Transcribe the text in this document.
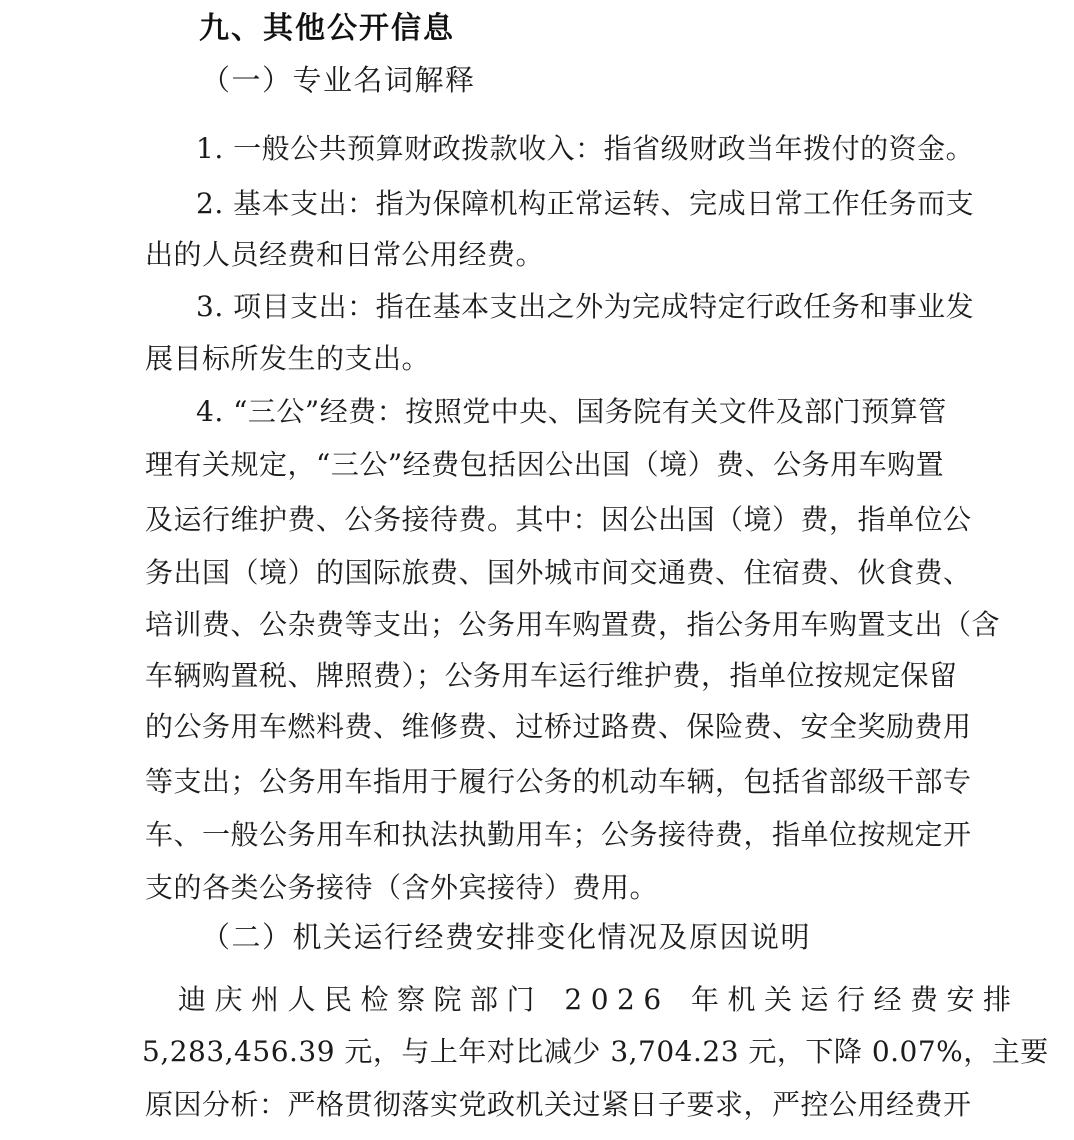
九、其他公开信息
（一）专业名词解释
1. 一般公共预算财政拨款收入：指省级财政当年拨付的资金。
2. 基本支出：指为保障机构正常运转、完成日常工作任务而支
出的人员经费和日常公用经费。
3. 项目支出：指在基本支出之外为完成特定行政任务和事业发
展目标所发生的支出。
4. “三公”经费：按照党中央、国务院有关文件及部门预算管
理有关规定，“三公”经费包括因公出国（境）费、公务用车购置
及运行维护费、公务接待费。其中：因公出国（境）费，指单位公
务出国（境）的国际旅费、国外城市间交通费、住宿费、伙食费、
培训费、公杂费等支出；公务用车购置费，指公务用车购置支出（含
车辆购置税、牌照费）；公务用车运行维护费，指单位按规定保留
的公务用车燃料费、维修费、过桥过路费、保险费、安全奖励费用
等支出；公务用车指用于履行公务的机动车辆，包括省部级干部专
车、一般公务用车和执法执勤用车；公务接待费，指单位按规定开
支的各类公务接待（含外宾接待）费用。
（二）机关运行经费安排变化情况及原因说明
迪庆州人民检察院部门 2026 年机关运行经费安排
5,283,456.39 元，与上年对比减少 3,704.23 元，下降 0.07%，主要
原因分析：严格贯彻落实党政机关过紧日子要求，严控公用经费开
